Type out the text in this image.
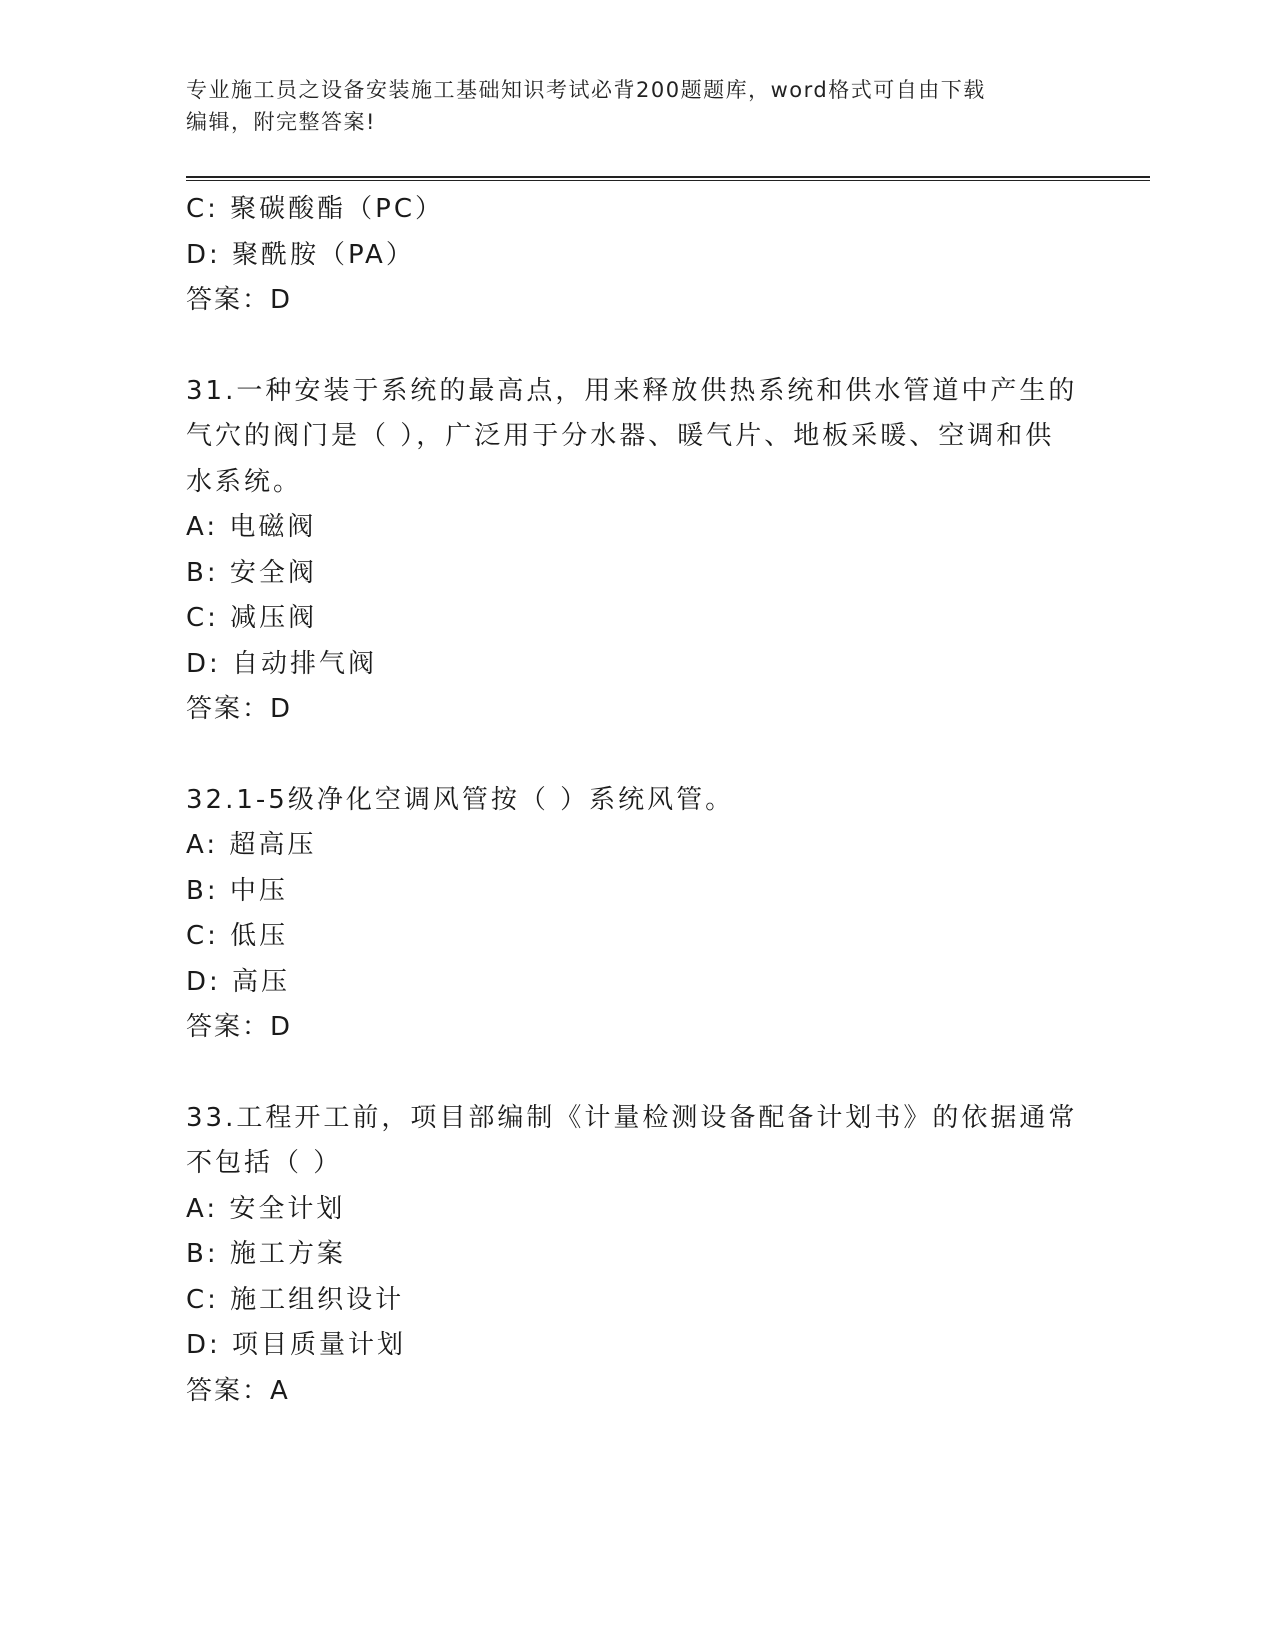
专业施工员之设备安装施工基础知识考试必背200题题库，word格式可自由下载
编辑，附完整答案!
C: 聚碳酸酯（PC）
D: 聚酰胺（PA）
答案：D
31.一种安装于系统的最高点，用来释放供热系统和供水管道中产生的
气穴的阀门是（ ），广泛用于分水器、暖气片、地板采暖、空调和供
水系统。
A: 电磁阀
B: 安全阀
C: 减压阀
D: 自动排气阀
答案：D
32.1-5级净化空调风管按（ ）系统风管。
A: 超高压
B: 中压
C: 低压
D: 高压
答案：D
33.工程开工前，项目部编制《计量检测设备配备计划书》的依据通常
不包括（ ）
A: 安全计划
B: 施工方案
C: 施工组织设计
D: 项目质量计划
答案：A
